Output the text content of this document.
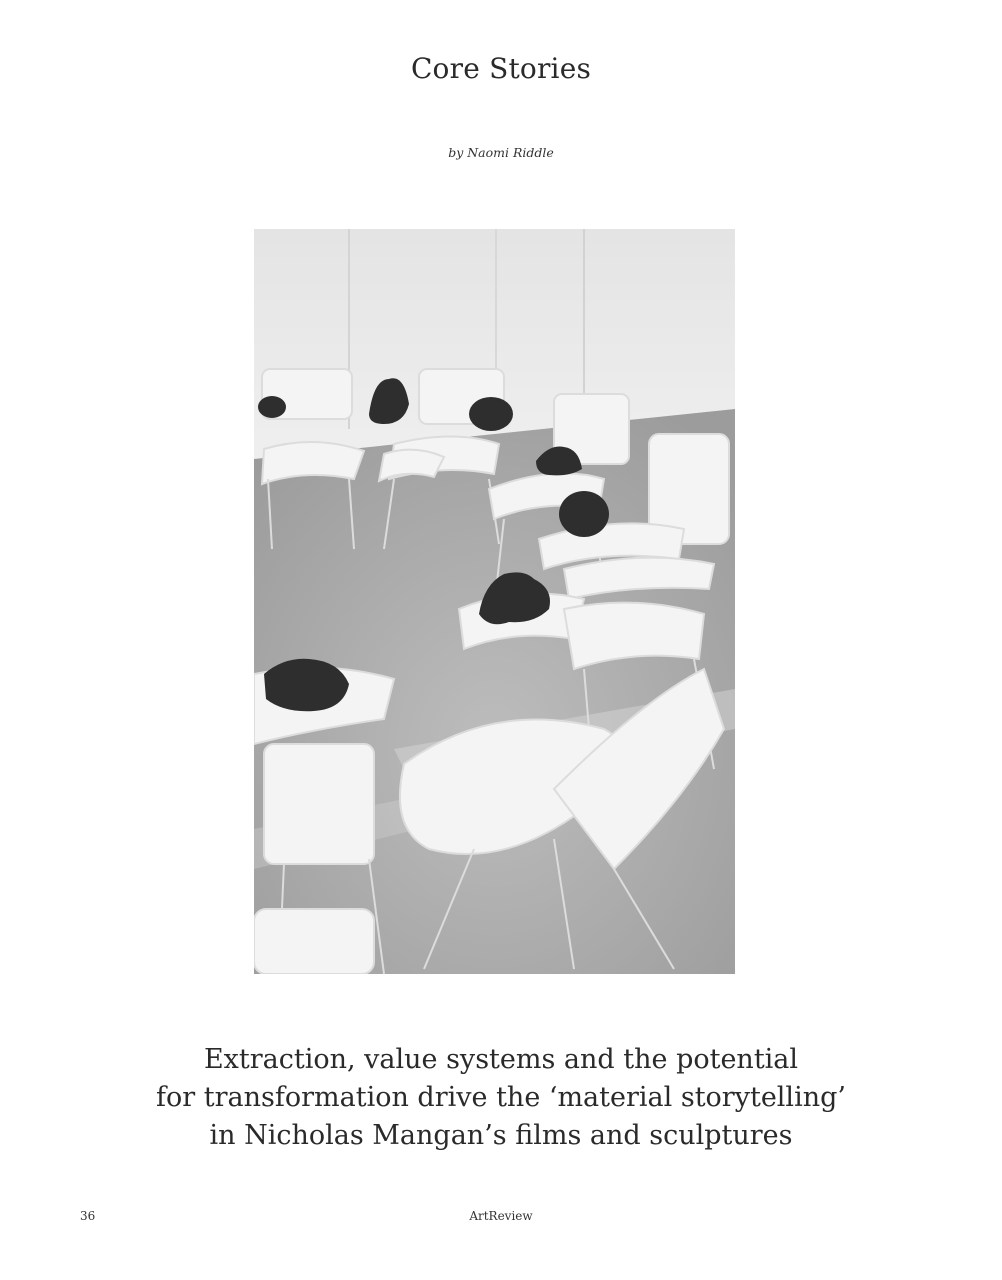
Core Stories
by Naomi Riddle
Extraction, value systems and the potential
for transformation drive the ‘material storytelling’
in Nicholas Mangan’s films and sculptures
36	ArtReview
